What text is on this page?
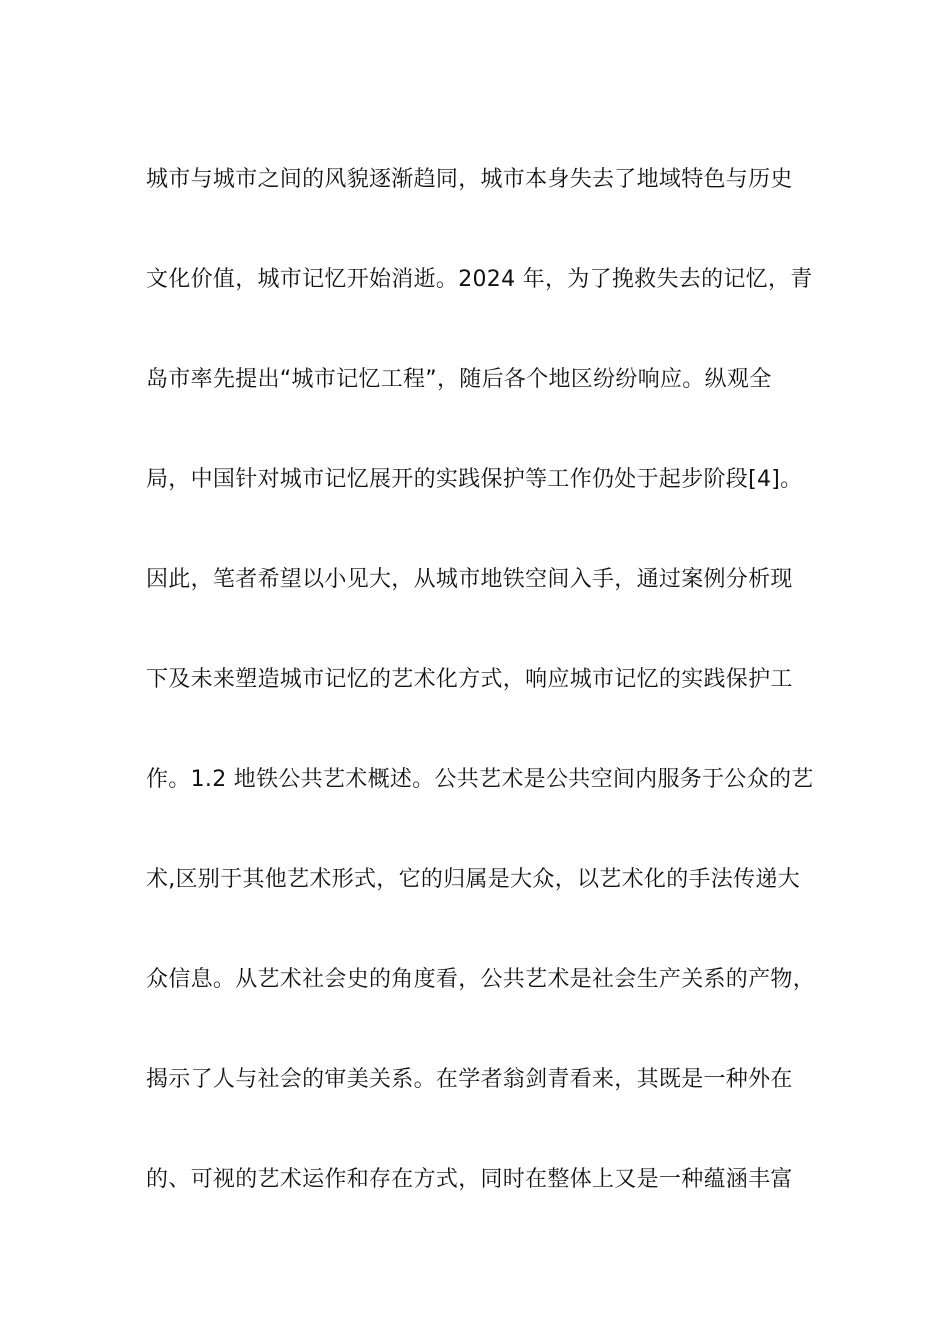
城市与城市之间的风貌逐渐趋同，城市本身失去了地域特色与历史
文化价值，城市记忆开始消逝。2024 年，为了挽救失去的记忆，青
岛市率先提出“城市记忆工程”，随后各个地区纷纷响应。纵观全
局，中国针对城市记忆展开的实践保护等工作仍处于起步阶段[4]。
因此，笔者希望以小见大，从城市地铁空间入手，通过案例分析现
下及未来塑造城市记忆的艺术化方式，响应城市记忆的实践保护工
作。1.2 地铁公共艺术概述。公共艺术是公共空间内服务于公众的艺
术,区别于其他艺术形式，它的归属是大众，以艺术化的手法传递大
众信息。从艺术社会史的角度看，公共艺术是社会生产关系的产物，
揭示了人与社会的审美关系。在学者翁剑青看来，其既是一种外在
的、可视的艺术运作和存在方式，同时在整体上又是一种蕴涵丰富
